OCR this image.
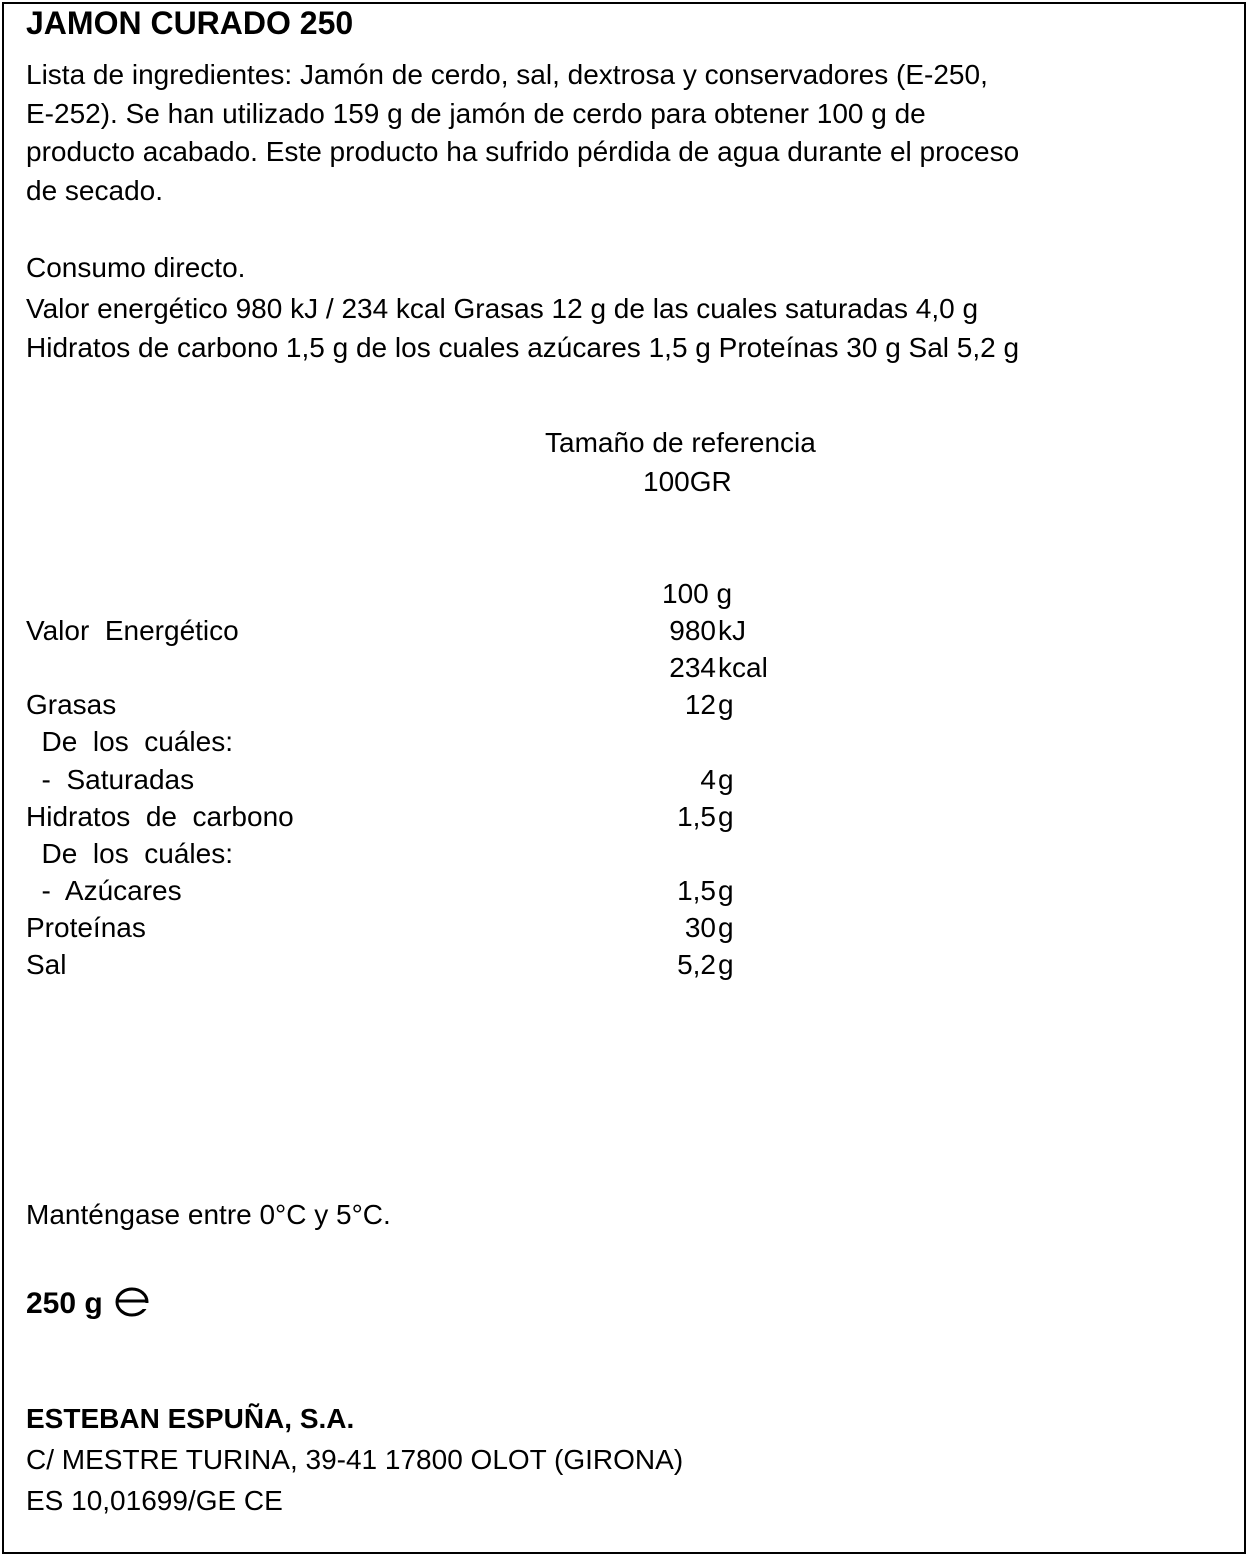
JAMON CURADO 250
Lista de ingredientes: Jamón de cerdo, sal, dextrosa y conservadores (E-250,
E-252). Se han utilizado 159 g de jamón de cerdo para obtener 100 g de
producto acabado. Este producto ha sufrido pérdida de agua durante el proceso
de secado.
Consumo directo.
Valor energético 980 kJ / 234 kcal Grasas 12 g de las cuales saturadas 4,0 g
Hidratos de carbono 1,5 g de los cuales azúcares 1,5 g Proteínas 30 g Sal 5,2 g
Tamaño de referencia
100GR
100 g
Valor  Energético	980 kJ
234 kcal
Grasas	12 g
De  los  cuáles:
-  Saturadas	4 g
Hidratos  de  carbono	1,5 g
De  los  cuáles:
-  Azúcares	1,5 g
Proteínas	30 g
Sal	5,2 g
Manténgase entre 0°C y 5°C.
250 g
ESTEBAN ESPUÑA, S.A.
C/ MESTRE TURINA, 39-41 17800 OLOT (GIRONA)
ES 10,01699/GE CE
